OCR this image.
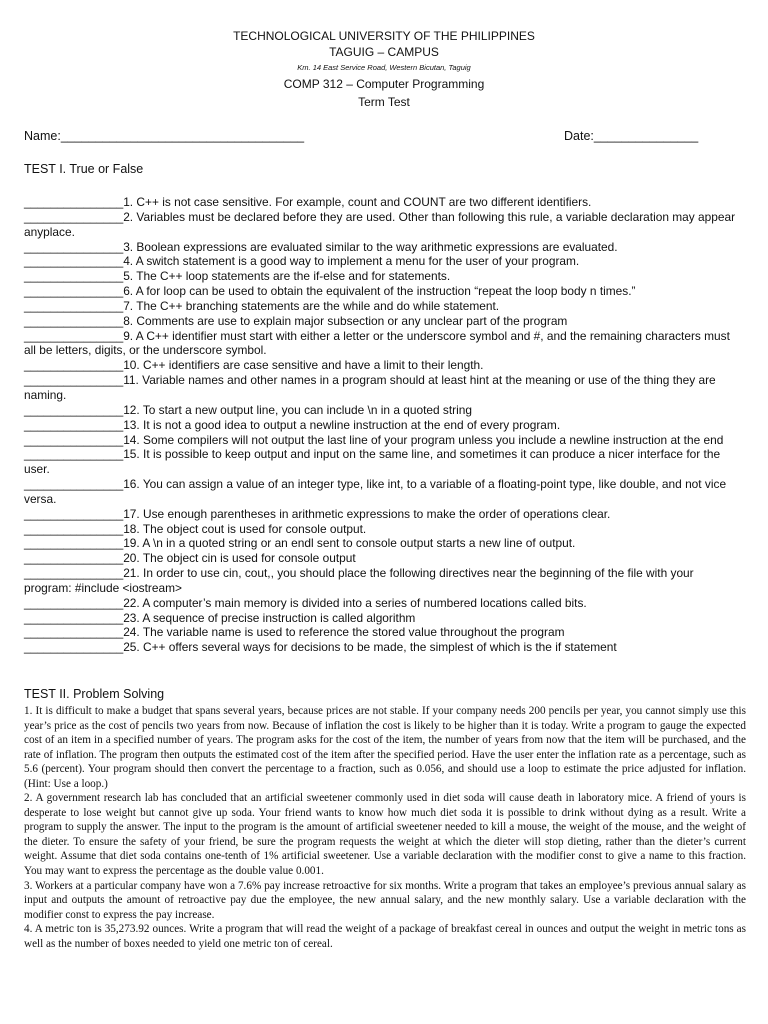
TECHNOLOGICAL UNIVERSITY OF THE PHILIPPINES
TAGUIG – CAMPUS
Km. 14 East Service Road, Western Bicutan, Taguig
COMP 312 – Computer Programming
Term Test
Name:___________________________________	Date:_______________
TEST I. True or False

_______________1. C++ is not case sensitive. For example, count and COUNT are two different identifiers.

_______________2. Variables must be declared before they are used. Other than following this rule, a variable declaration may appear anyplace.

_______________3. Boolean expressions are evaluated similar to the way arithmetic expressions are evaluated.

_______________4. A switch statement is a good way to implement a menu for the user of your program.

_______________5. The C++ loop statements are the if-else and for statements.

_______________6. A for loop can be used to obtain the equivalent of the instruction “repeat the loop body n times.”

_______________7. The C++ branching statements are the while and do while statement.

_______________8. Comments are use to explain major subsection or any unclear part of the program

_______________9. A C++ identifier must start with either a letter or the underscore symbol and #, and the remaining characters must all be letters, digits, or the underscore symbol.

_______________10. C++ identifiers are case sensitive and have a limit to their length.

_______________11. Variable names and other names in a program should at least hint at the meaning or use of the thing they are naming.

_______________12. To start a new output line, you can include \n in a quoted string

_______________13. It is not a good idea to output a newline instruction at the end of every program.

_______________14. Some compilers will not output the last line of your program unless you include a newline instruction at the end

_______________15. It is possible to keep output and input on the same line, and sometimes it can produce a nicer interface for the user.

_______________16. You can assign a value of an integer type, like int, to a variable of a floating-point type, like double, and not vice versa.

_______________17. Use enough parentheses in arithmetic expressions to make the order of operations clear.

_______________18. The object cout is used for console output.

_______________19. A \n in a quoted string or an endl sent to console output starts a new line of output.

_______________20. The object cin is used for console output

_______________21. In order to use cin, cout,, you should place the following directives near the beginning of the file with your program: #include <iostream>

_______________22. A computer’s main memory is divided into a series of numbered locations called bits.

_______________23. A sequence of precise instruction is called algorithm

_______________24. The variable name is used to reference the stored value throughout the program

_______________25. C++ offers several ways for decisions to be made, the simplest of which is the if statement

TEST II. Problem Solving

1. It is difficult to make a budget that spans several years, because prices are not stable. If your company needs 200 pencils per year, you cannot simply use this year’s price as the cost of pencils two years from now. Because of inflation the cost is likely to be higher than it is today. Write a program to gauge the expected cost of an item in a specified number of years. The program asks for the cost of the item, the number of years from now that the item will be purchased, and the rate of inflation. The program then outputs the estimated cost of the item after the specified period. Have the user enter the inflation rate as a percentage, such as 5.6 (percent). Your program should then convert the percentage to a fraction, such as 0.056, and should use a loop to estimate the price adjusted for inflation. (Hint: Use a loop.)

2. A government research lab has concluded that an artificial sweetener commonly used in diet soda will cause death in laboratory mice. A friend of yours is desperate to lose weight but cannot give up soda. Your friend wants to know how much diet soda it is possible to drink without dying as a result. Write a program to supply the answer. The input to the program is the amount of artificial sweetener needed to kill a mouse, the weight of the mouse, and the weight of the dieter. To ensure the safety of your friend, be sure the program requests the weight at which the dieter will stop dieting, rather than the dieter’s current weight. Assume that diet soda contains one-tenth of 1% artificial sweetener. Use a variable declaration with the modifier const to give a name to this fraction. You may want to express the percentage as the double value 0.001.

3. Workers at a particular company have won a 7.6% pay increase retroactive for six months. Write a program that takes an employee’s previous annual salary as input and outputs the amount of retroactive pay due the employee, the new annual salary, and the new monthly salary. Use a variable declaration with the modifier const to express the pay increase.

4. A metric ton is 35,273.92 ounces. Write a program that will read the weight of a package of breakfast cereal in ounces and output the weight in metric tons as well as the number of boxes needed to yield one metric ton of cereal.
